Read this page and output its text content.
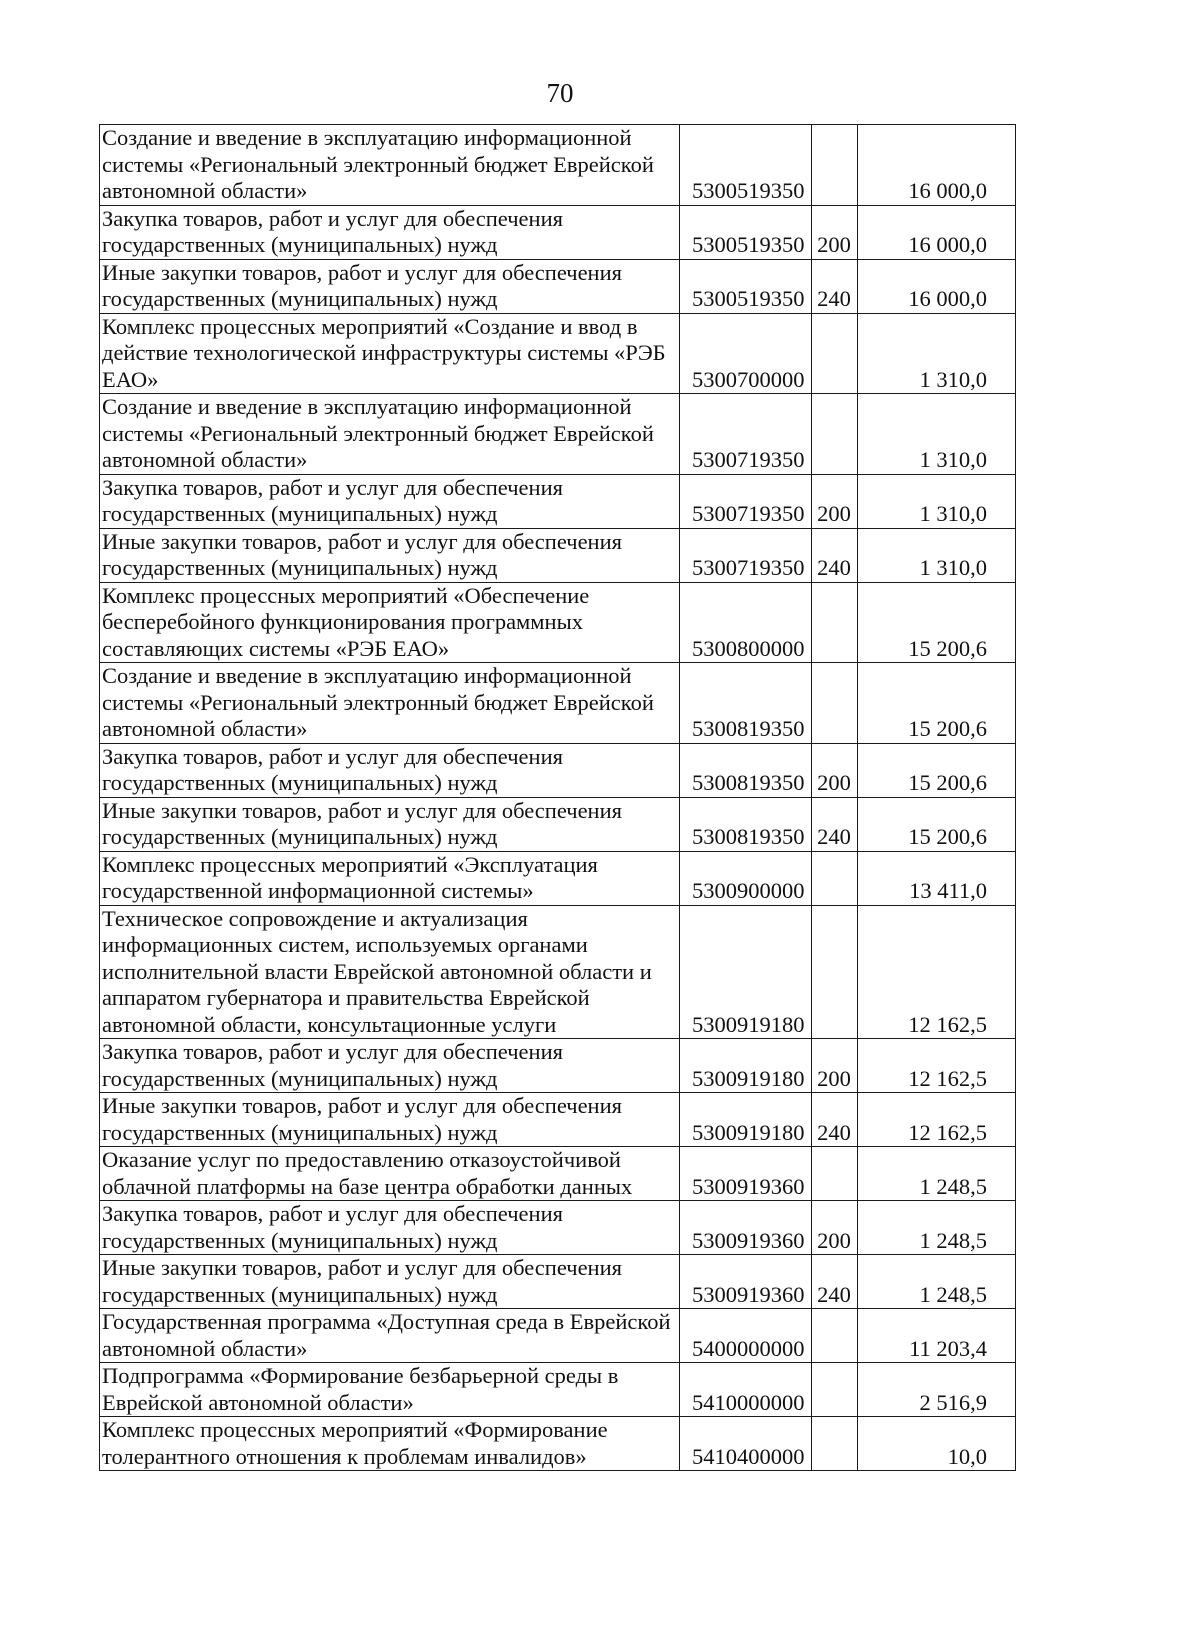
70
Создание и введение в эксплуатацию информационной системы «Региональный электронный бюджет Еврейской автономной области»	5300519350		16 000,0
Закупка товаров, работ и услуг для обеспечения государственных (муниципальных) нужд	5300519350	200	16 000,0
Иные закупки товаров, работ и услуг для обеспечения государственных (муниципальных) нужд	5300519350	240	16 000,0
Комплекс процессных мероприятий «Создание и ввод в действие технологической инфраструктуры системы «РЭБ ЕАО»	5300700000		1 310,0
Создание и введение в эксплуатацию информационной системы «Региональный электронный бюджет Еврейской автономной области»	5300719350		1 310,0
Закупка товаров, работ и услуг для обеспечения государственных (муниципальных) нужд	5300719350	200	1 310,0
Иные закупки товаров, работ и услуг для обеспечения государственных (муниципальных) нужд	5300719350	240	1 310,0
Комплекс процессных мероприятий «Обеспечение бесперебойного функционирования программных составляющих системы «РЭБ ЕАО»	5300800000		15 200,6
Создание и введение в эксплуатацию информационной системы «Региональный электронный бюджет Еврейской автономной области»	5300819350		15 200,6
Закупка товаров, работ и услуг для обеспечения государственных (муниципальных) нужд	5300819350	200	15 200,6
Иные закупки товаров, работ и услуг для обеспечения государственных (муниципальных) нужд	5300819350	240	15 200,6
Комплекс процессных мероприятий «Эксплуатация государственной информационной системы»	5300900000		13 411,0
Техническое сопровождение и актуализация информационных систем, используемых органами исполнительной власти Еврейской автономной области и аппаратом губернатора и правительства Еврейской автономной области, консультационные услуги	5300919180		12 162,5
Закупка товаров, работ и услуг для обеспечения государственных (муниципальных) нужд	5300919180	200	12 162,5
Иные закупки товаров, работ и услуг для обеспечения государственных (муниципальных) нужд	5300919180	240	12 162,5
Оказание услуг по предоставлению отказоустойчивой облачной платформы на базе центра обработки данных	5300919360		1 248,5
Закупка товаров, работ и услуг для обеспечения государственных (муниципальных) нужд	5300919360	200	1 248,5
Иные закупки товаров, работ и услуг для обеспечения государственных (муниципальных) нужд	5300919360	240	1 248,5
Государственная программа «Доступная среда в Еврейской автономной области»	5400000000		11 203,4
Подпрограмма «Формирование безбарьерной среды в Еврейской автономной области»	5410000000		2 516,9
Комплекс процессных мероприятий «Формирование толерантного отношения к проблемам инвалидов»	5410400000		10,0
